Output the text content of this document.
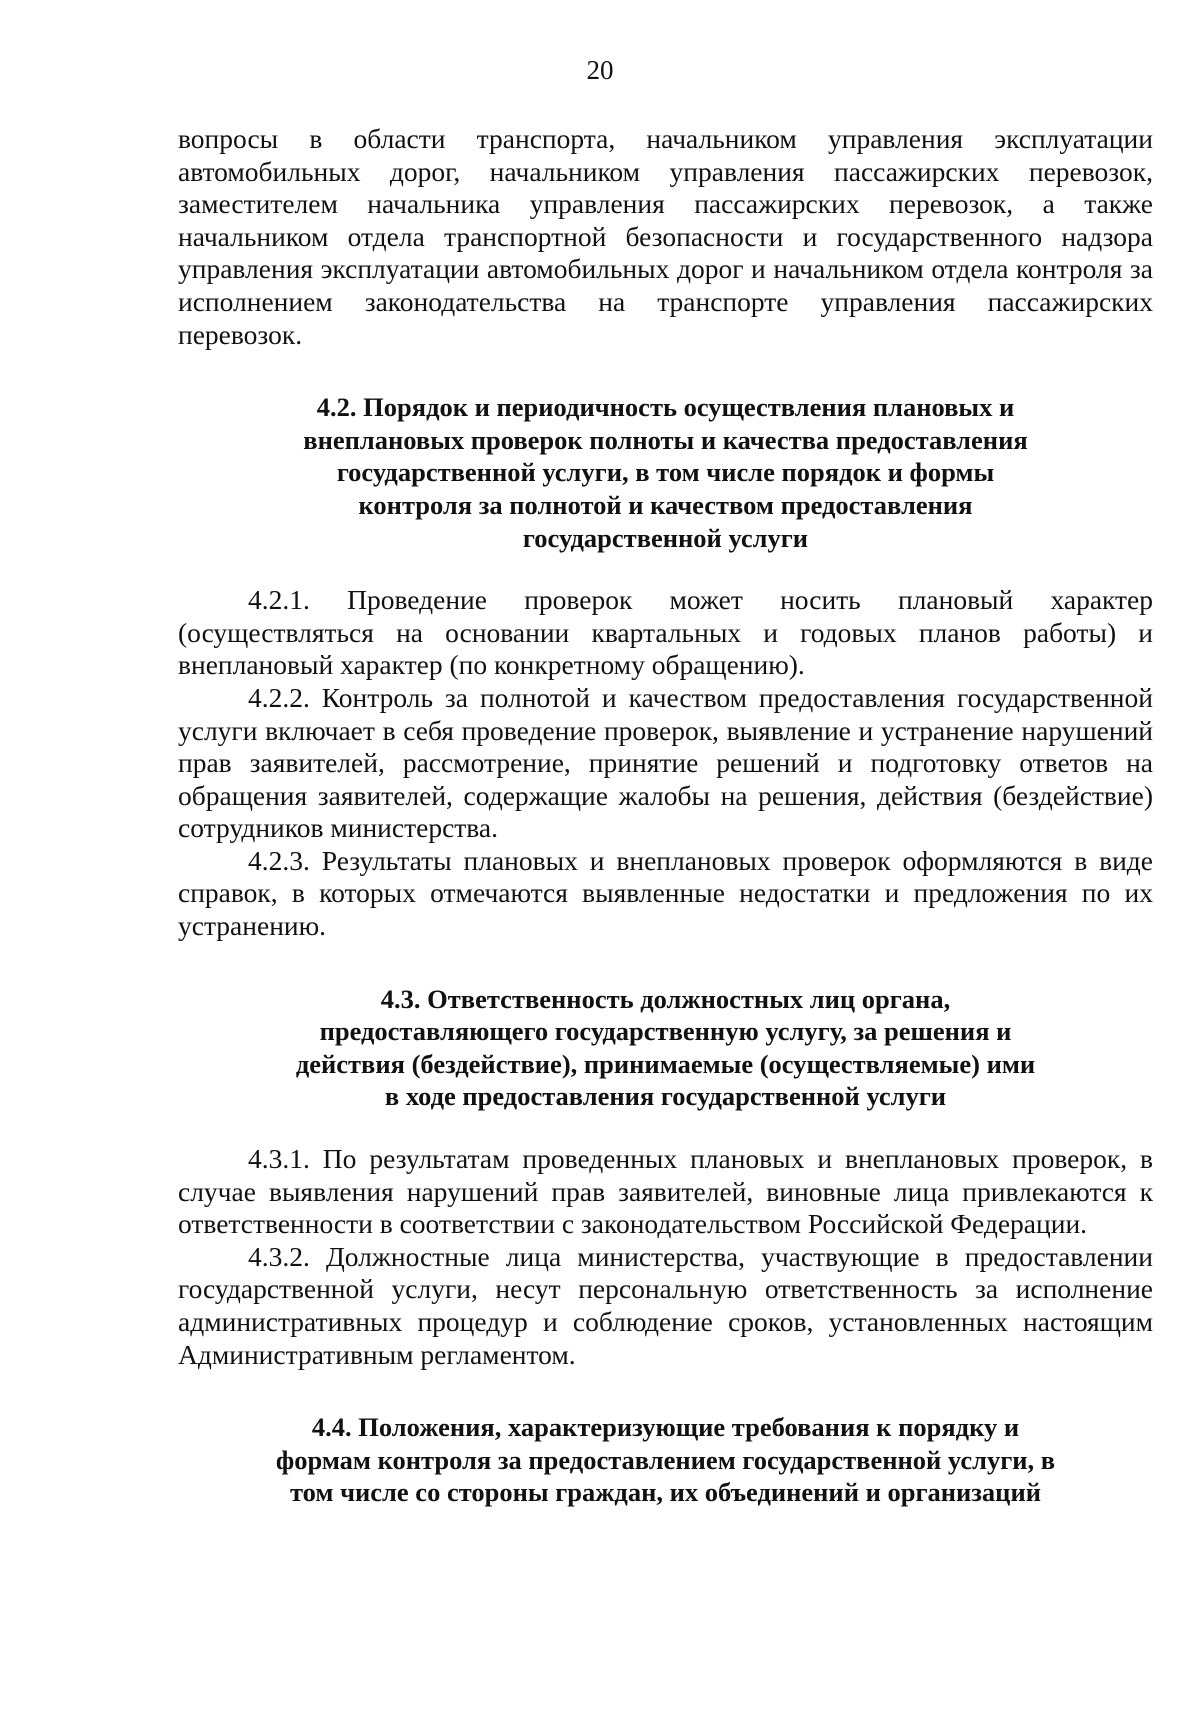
20

вопросы в области транспорта, начальником управления эксплуатации автомобильных дорог, начальником управления пассажирских перевозок, заместителем начальника управления пассажирских перевозок, а также начальником отдела транспортной безопасности и государственного надзора управления эксплуатации автомобильных дорог и начальником отдела контроля за исполнением законодательства на транспорте управления пассажирских перевозок.

4.2. Порядок и периодичность осуществления плановых и внеплановых проверок полноты и качества предоставления государственной услуги, в том числе порядок и формы контроля за полнотой и качеством предоставления государственной услуги

4.2.1. Проведение проверок может носить плановый характер (осуществляться на основании квартальных и годовых планов работы) и внеплановый характер (по конкретному обращению).

4.2.2. Контроль за полнотой и качеством предоставления государственной услуги включает в себя проведение проверок, выявление и устранение нарушений прав заявителей, рассмотрение, принятие решений и подготовку ответов на обращения заявителей, содержащие жалобы на решения, действия (бездействие) сотрудников министерства.

4.2.3. Результаты плановых и внеплановых проверок оформляются в виде справок, в которых отмечаются выявленные недостатки и предложения по их устранению.

4.3. Ответственность должностных лиц органа, предоставляющего государственную услугу, за решения и действия (бездействие), принимаемые (осуществляемые) ими в ходе предоставления государственной услуги

4.3.1. По результатам проведенных плановых и внеплановых проверок, в случае выявления нарушений прав заявителей, виновные лица привлекаются к ответственности в соответствии с законодательством Российской Федерации.

4.3.2. Должностные лица министерства, участвующие в предоставлении государственной услуги, несут персональную ответственность за исполнение административных процедур и соблюдение сроков, установленных настоящим Административным регламентом.

4.4. Положения, характеризующие требования к порядку и формам контроля за предоставлением государственной услуги, в том числе со стороны граждан, их объединений и организаций
